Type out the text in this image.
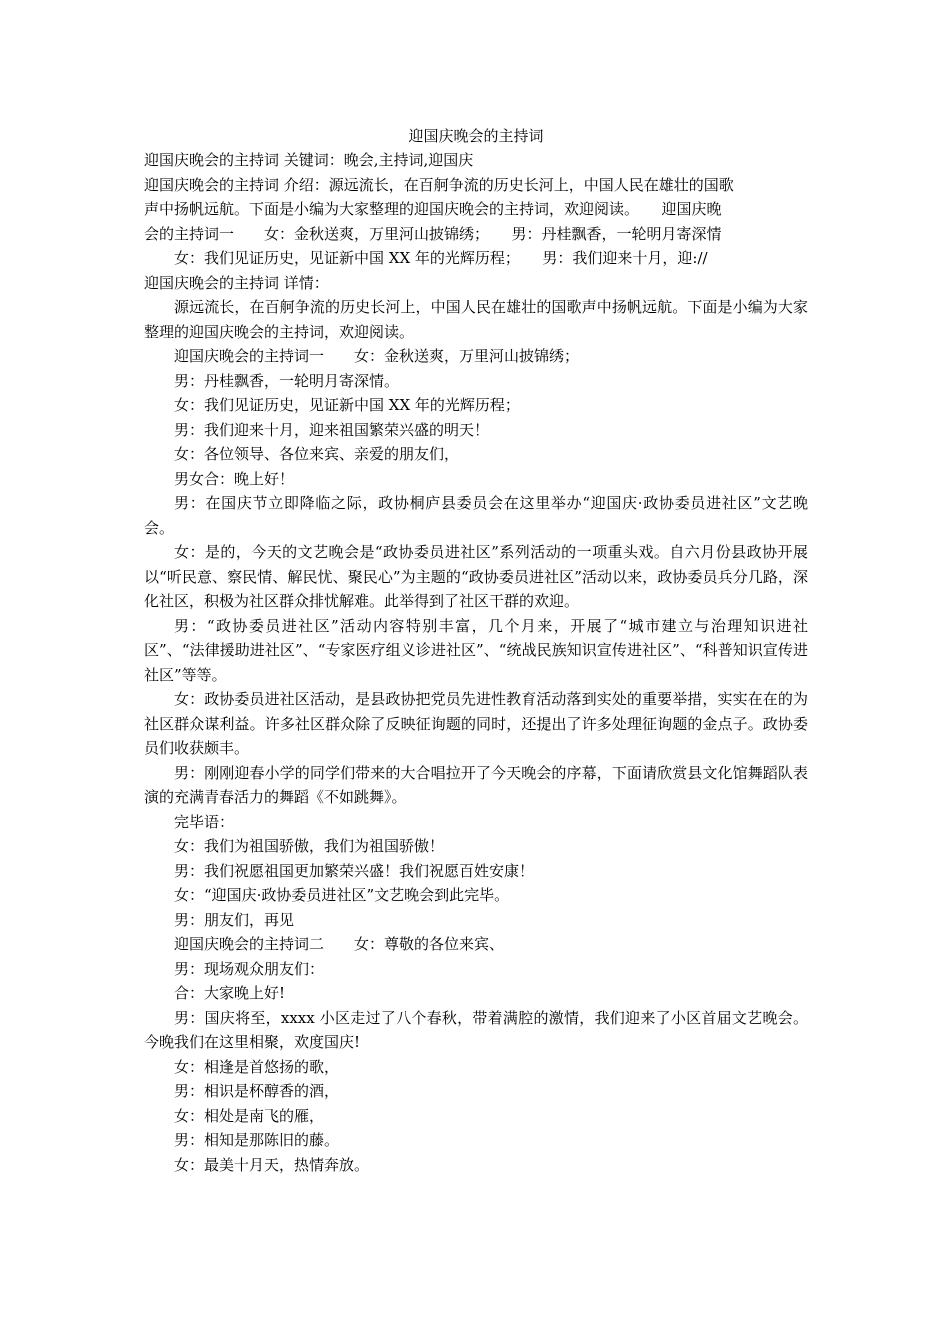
迎国庆晚会的主持词

迎国庆晚会的主持词 关键词：晚会,主持词,迎国庆

迎国庆晚会的主持词 介绍：源远流长，在百舸争流的历史长河上，中国人民在雄壮的国歌

声中扬帆远航。下面是小编为大家整理的迎国庆晚会的主持词，欢迎阅读。　　迎国庆晚

会的主持词一　　女：金秋送爽，万里河山披锦绣；　　男：丹桂飘香，一轮明月寄深情

　　女：我们见证历史，见证新中国 XX 年的光辉历程；　　男：我们迎来十月，迎://

迎国庆晚会的主持词 详情：

源远流长，在百舸争流的历史长河上，中国人民在雄壮的国歌声中扬帆远航。下面是小编为大家整理的迎国庆晚会的主持词，欢迎阅读。

迎国庆晚会的主持词一　　女：金秋送爽，万里河山披锦绣；

男：丹桂飘香，一轮明月寄深情。

女：我们见证历史，见证新中国 XX 年的光辉历程；

男：我们迎来十月，迎来祖国繁荣兴盛的明天！

女：各位领导、各位来宾、亲爱的朋友们，

男女合：晚上好！

男：在国庆节立即降临之际，政协桐庐县委员会在这里举办“迎国庆·政协委员进社区”文艺晚会。

女：是的，今天的文艺晚会是“政协委员进社区”系列活动的一项重头戏。自六月份县政协开展以“听民意、察民情、解民忧、聚民心”为主题的“政协委员进社区”活动以来，政协委员兵分几路，深化社区，积极为社区群众排忧解难。此举得到了社区干群的欢迎。

男：“政协委员进社区”活动内容特别丰富，几个月来，开展了“城市建立与治理知识进社区”、“法律援助进社区”、“专家医疗组义诊进社区”、“统战民族知识宣传进社区”、“科普知识宣传进社区”等等。

女：政协委员进社区活动，是县政协把党员先进性教育活动落到实处的重要举措，实实在在的为社区群众谋利益。许多社区群众除了反映征询题的同时，还提出了许多处理征询题的金点子。政协委员们收获颇丰。

男：刚刚迎春小学的同学们带来的大合唱拉开了今天晚会的序幕，下面请欣赏县文化馆舞蹈队表演的充满青春活力的舞蹈《不如跳舞》。

完毕语：

女：我们为祖国骄傲，我们为祖国骄傲！

男：我们祝愿祖国更加繁荣兴盛！我们祝愿百姓安康！

女：“迎国庆·政协委员进社区”文艺晚会到此完毕。

男：朋友们，再见

迎国庆晚会的主持词二　　女：尊敬的各位来宾、

男：现场观众朋友们：

合：大家晚上好!

男：国庆将至，xxxx 小区走过了八个春秋，带着满腔的激情，我们迎来了小区首届文艺晚会。今晚我们在这里相聚，欢度国庆!

女：相逢是首悠扬的歌，

男：相识是杯醇香的酒，

女：相处是南飞的雁，

男：相知是那陈旧的藤。

女：最美十月天，热情奔放。
